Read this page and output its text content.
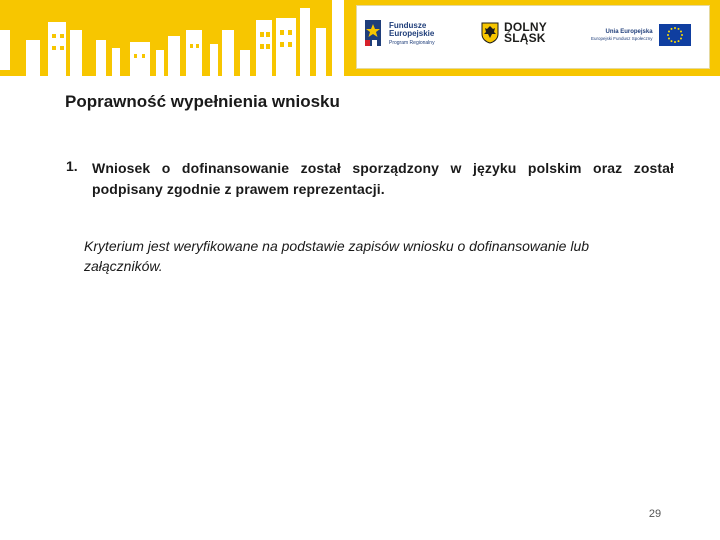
Fundusze
Europejskie
Program Regionalny
DOLNY
ŚLĄSK	Unia Europejska
Europejski Fundusz Społeczny
Poprawność wypełnienia wniosku
1. Wniosek o dofinansowanie został sporządzony w języku polskim oraz został podpisany zgodnie z prawem reprezentacji.
Kryterium jest weryfikowane na podstawie zapisów wniosku o dofinansowanie lub załączników.
29
